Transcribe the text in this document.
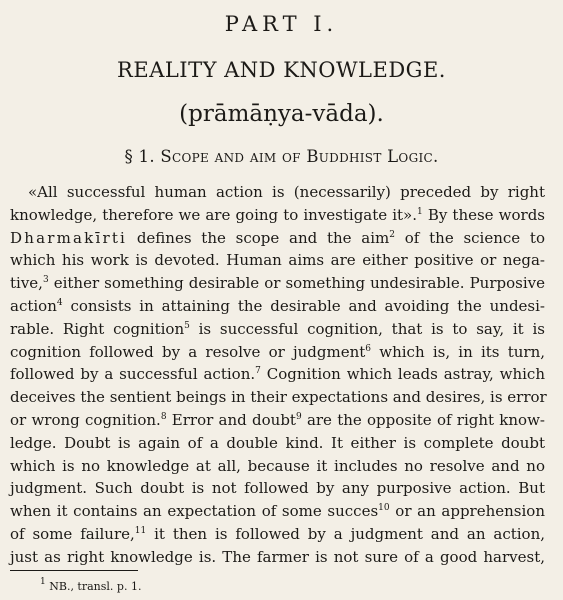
PART I.
REALITY AND KNOWLEDGE.
(prāmāṇya-vāda).
§ 1. Scope and aim of Buddhist Logic.
«All successful human action is (necessarily) preceded by right
knowledge, therefore we are going to investigate it».$^1$ By these words
Dharmakīrti defines the scope and the aim$^2$ of the science to
which his work is devoted. Human aims are either positive or nega-
tive,$^3$ either something desirable or something undesirable. Purposive
action$^4$ consists in attaining the desirable and avoiding the undesi-
rable. Right cognition$^5$ is successful cognition, that is to say, it is
cognition followed by a resolve or judgment$^6$ which is, in its turn,
followed by a successful action.$^7$ Cognition which leads astray, which
deceives the sentient beings in their expectations and desires, is error
or wrong cognition.$^8$ Error and doubt$^9$ are the opposite of right know-
ledge. Doubt is again of a double kind. It either is complete doubt
which is no knowledge at all, because it includes no resolve and no
judgment. Such doubt is not followed by any purposive action. But
when it contains an expectation of some succes$^{10}$ or an apprehension
of some failure,$^{11}$ it then is followed by a judgment and an action,
just as right knowledge is. The farmer is not sure of a good harvest,
$^1$ NB., transl. p. 1.
